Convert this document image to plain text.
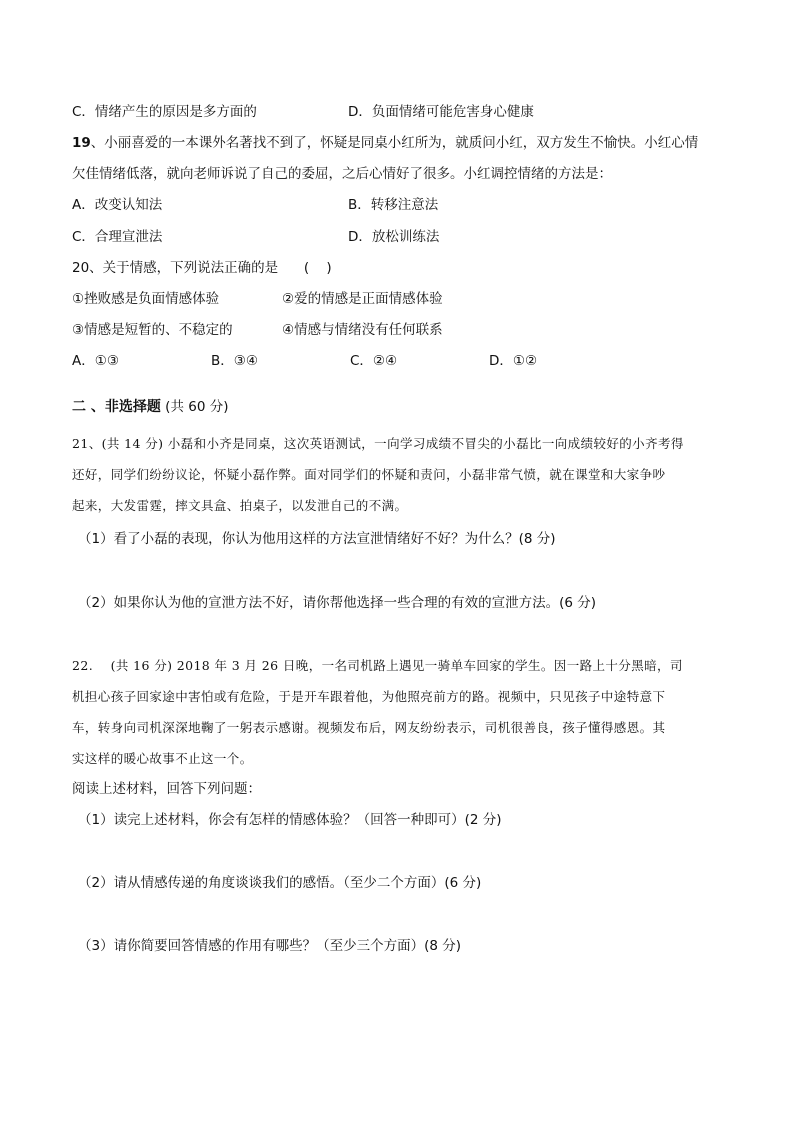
C．情绪产生的原因是多方面的	D．负面情绪可能危害身心健康
19、小丽喜爱的一本课外名著找不到了，怀疑是同桌小红所为，就质问小红，双方发生不愉快。小红心情
欠佳情绪低落，就向老师诉说了自己的委屈，之后心情好了很多。小红调控情绪的方法是：
A．改变认知法	B．转移注意法
C．合理宣泄法	D．放松训练法
20、关于情感，下列说法正确的是      (    )
①挫败感是负面情感体验	②爱的情感是正面情感体验
③情感是短暂的、不稳定的	④情感与情绪没有任何联系
A．①③	B．③④	C．②④	D．①②
二 、非选择题 (共 60 分)
21、(共 14 分) 小磊和小齐是同桌，这次英语测试，一向学习成绩不冒尖的小磊比一向成绩较好的小齐考得
还好，同学们纷纷议论，怀疑小磊作弊。面对同学们的怀疑和责问，小磊非常气愤，就在课堂和大家争吵
起来，大发雷霆，摔文具盒、拍桌子，以发泄自己的不满。
（1）看了小磊的表现，你认为他用这样的方法宣泄情绪好不好？为什么？(8 分)
（2）如果你认为他的宣泄方法不好，请你帮他选择一些合理的有效的宣泄方法。(6 分)
22.    (共 16 分) 2018 年 3 月 26 日晚，一名司机路上遇见一骑单车回家的学生。因一路上十分黑暗，司
机担心孩子回家途中害怕或有危险，于是开车跟着他，为他照亮前方的路。视频中，只见孩子中途特意下
车，转身向司机深深地鞠了一躬表示感谢。视频发布后，网友纷纷表示，司机很善良，孩子懂得感恩。其
实这样的暖心故事不止这一个。
阅读上述材料，回答下列问题：
（1）读完上述材料，你会有怎样的情感体验？（回答一种即可）(2 分)
（2）请从情感传递的角度谈谈我们的感悟。（至少二个方面）(6 分)
（3）请你简要回答情感的作用有哪些？（至少三个方面）(8 分)
